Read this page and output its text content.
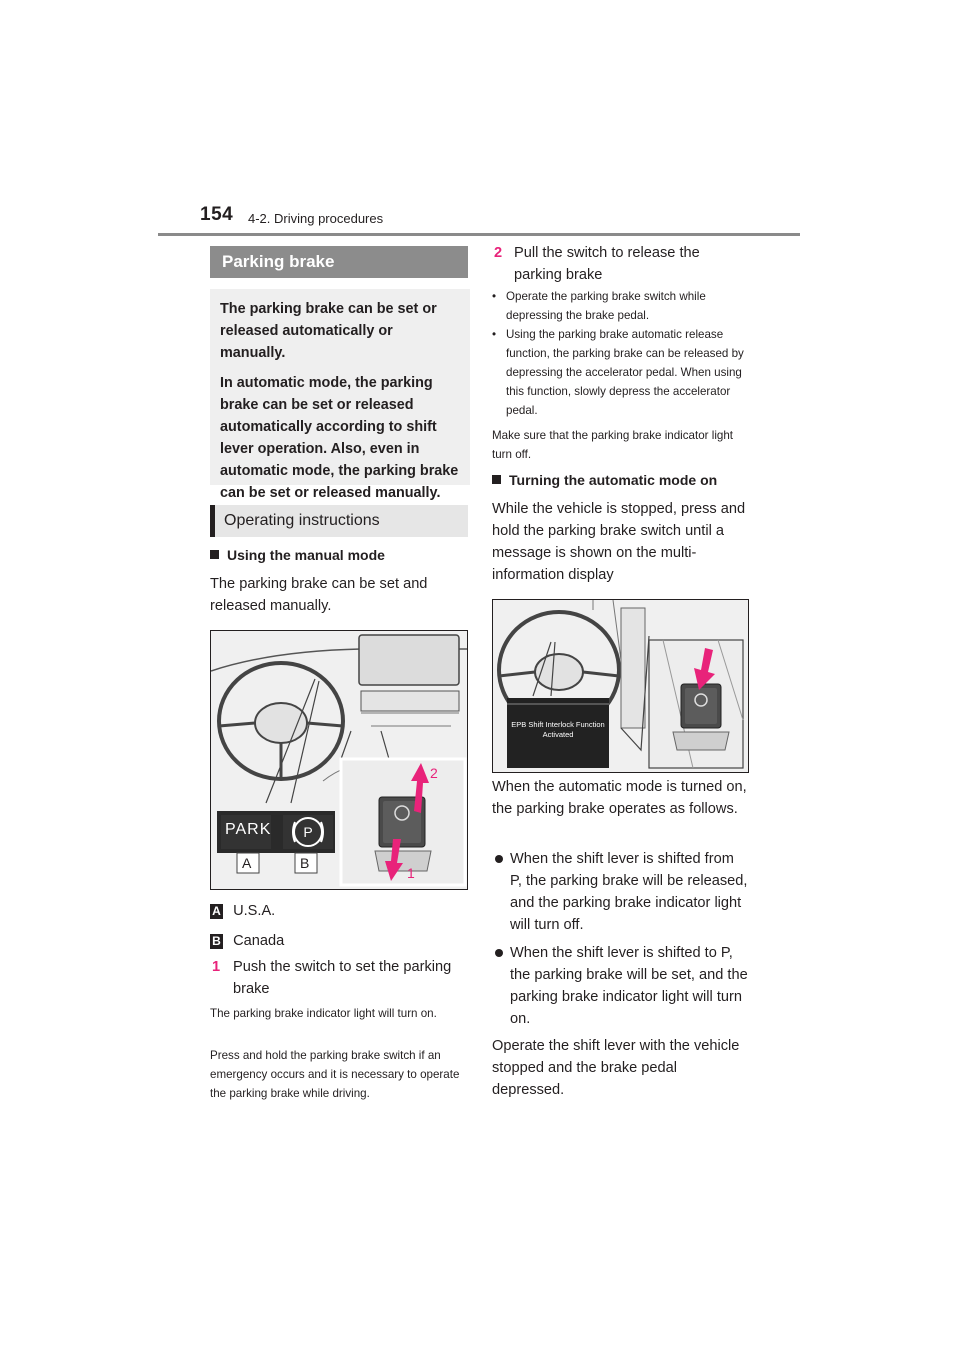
154 4-2. Driving procedures
Parking brake

The parking brake can be set or released automatically or manually.

In automatic mode, the parking brake can be set or released automatically according to shift lever operation. Also, even in automatic mode, the parking brake can be set or released manually.

Operating instructions
Using the manual mode
The parking brake can be set and released manually.
P
PARK
A	B
2
1
A U.S.A.
B Canada
1 Push the switch to set the parking brake
The parking brake indicator light will turn on.
Press and hold the parking brake switch if an emergency occurs and it is necessary to operate the parking brake while driving.
2 Pull the switch to release the parking brake
• Operate the parking brake switch while depressing the brake pedal.
• Using the parking brake automatic release function, the parking brake can be released by depressing the accelerator pedal. When using this function, slowly depress the accelerator pedal.
Make sure that the parking brake indicator light turn off.
Turning the automatic mode on
While the vehicle is stopped, press and hold the parking brake switch until a message is shown on the multi-information display
EPB Shift Interlock Function
Activated
When the automatic mode is turned on, the parking brake operates as follows.
When the shift lever is shifted from P, the parking brake will be released, and the parking brake indicator light will turn off.
When the shift lever is shifted to P, the parking brake will be set, and the parking brake indicator light will turn on.
Operate the shift lever with the vehicle stopped and the brake pedal depressed.
